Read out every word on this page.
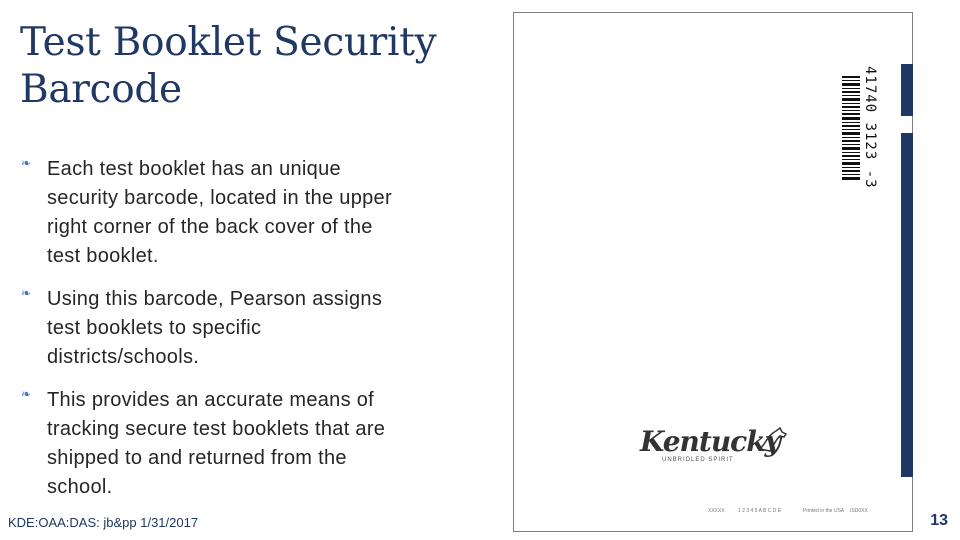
Test Booklet Security Barcode
❧ Each test booklet has an unique security barcode, located in the upper right corner of the back cover of the test booklet.
❧ Using this barcode, Pearson assigns test booklets to specific districts/schools.
❧ This provides an accurate means of tracking secure test booklets that are shipped to and returned from the school.
KDE:OAA:DAS: jb&pp 1/31/2017	13
41740 3123 -3
Kentucky
UNBRIDLED SPIRIT
XXXXX	1 2 3 4 5 A B C D E	Printed in the USA ISD0XX
